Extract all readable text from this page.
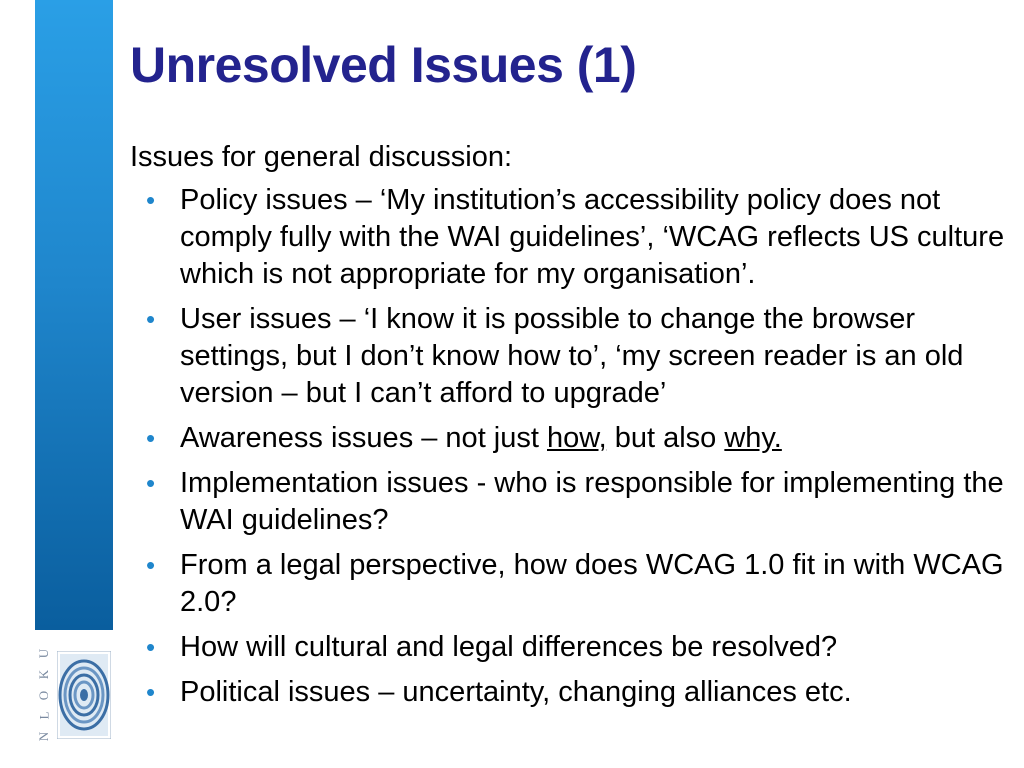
U
K
O
L
N
Unresolved Issues (1)

Issues for general discussion:

• Policy issues – ‘My institution’s accessibility policy does not comply fully with the WAI guidelines’, ‘WCAG reflects US culture which is not appropriate for my organisation’.
• User issues – ‘I know it is possible to change the browser settings, but I don’t know how to’, ‘my screen reader is an old version – but I can’t afford to upgrade’
• Awareness issues – not just how, but also why.
• Implementation issues - who is responsible for implementing the WAI guidelines?
• From a legal perspective, how does WCAG 1.0 fit in with WCAG 2.0?
• How will cultural and legal differences be resolved?
• Political issues – uncertainty, changing alliances etc.
